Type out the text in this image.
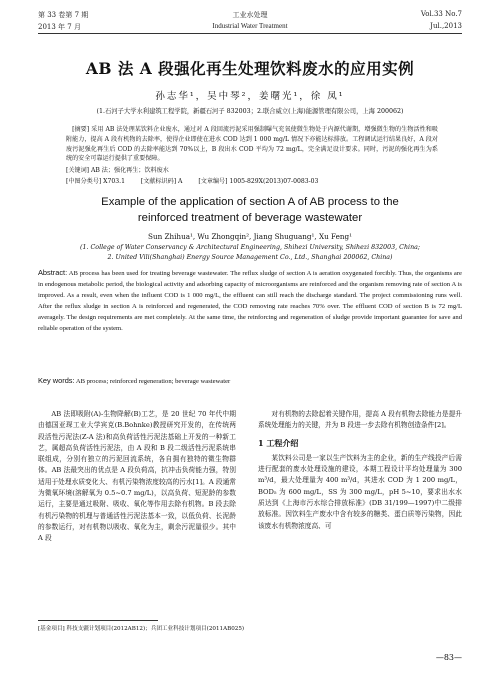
第 33 卷第 7 期	工业水处理	Vol.33 No.7
2013 年 7 月	Industrial Water Treatment	Jul.,2013
AB 法 A 段强化再生处理饮料废水的应用实例
孙志华¹，吴中琴²，姜曙光¹，徐 凤¹
(1.石河子大学水利建筑工程学院，新疆石河子 832003；2.联合威立(上海)能源管理有限公司，上海 200062)
[摘要] 采用 AB 法处理某饮料企业废水，通过对 A 段回流污泥采用强制曝气充氧使微生物处于内源代谢期，增强微生物的生物活性和吸附能力，提高 A 段有机物的去除率，使得企业即使在进水 COD 达到 1 000 mg/L 情况下亦能达标排放。工程调试运行结果良好，A 段对废污泥强化再生后 COD 的去除率能达到 70%以上，B 段出水 COD 平均为 72 mg/L，完全满足设计要求。同时，污泥的强化再生为系统的安全可靠运行提供了重要保障。
[关键词] AB 法；强化再生；饮料废水
[中图分类号] X703.1	[文献标识码] A	[文章编号] 1005-829X(2013)07-0083-03
Example of the application of section A of AB process to the
reinforced treatment of beverage wastewater
Sun Zhihua¹, Wu Zhongqin², Jiang Shuguang¹, Xu Feng¹
(1. College of Water Conservancy & Architectural Engineering, Shihezi University, Shihezi 832003, China;
2. United Vili(Shanghai) Energy Source Management Co., Ltd., Shanghai 200062, China)
Abstract: AB process has been used for treating beverage wastewater. The reflux sludge of section A is aeration oxygenated forcibly. Thus, the organisms are in endogenous metabolic period, the biological activity and adsorbing capacity of microorganisms are reinforced and the organism removing rate of section A is improved. As a result, even when the influent COD is 1 000 mg/L, the effluent can still reach the discharge standard. The project commissioning runs well. After the reflux sludge in section A is reinforced and regenerated, the COD removing rate reaches 70% over. The effluent COD of section B is 72 mg/L averagely. The design requirements are met completely. At the same time, the reinforcing and regeneration of sludge provide important guarantee for save and reliable operation of the system.
Key words: AB process; reinforced regeneration; beverage wastewater
AB 法即吸附(A)-生物降解(B)工艺，是 20 世纪 70 年代中期由德国亚琛工业大学宾克(B.Bohnke)教授研究开发的，在传统两段活性污泥法(Z-A 法)和高负荷活性污泥法基础上开发的一种新工艺，属超高负荷活性污泥法，由 A 段和 B 段二级活性污泥系统串联组成，分别有独立的污泥回流系统，各自拥有独特的微生物群体。AB 法最突出的优点是 A 段负荷高，抗冲击负荷能力强，特别适用于处理水质变化大、有机污染物浓度较高的污水[1]。A 段通常为微氧环境(溶解氧为 0.5~0.7 mg/L)，以高负荷、短泥龄的参数运行，主要是通过吸附、吸收、氧化等作用去除有机物。B 段去除有机污染物的机理与普通活性污泥法基本一致，以低负荷、长泥龄的参数运行，对有机物以吸收、氧化为主，剩余污泥量很少。其中 A 段
对有机物的去除起着关键作用，提高 A 段有机物去除能力是提升系统处理能力的关键，并为 B 段进一步去除有机物创造条件[2]。
1 工程介绍
某饮料公司是一家以生产饮料为主的企业，新的生产线投产后需进行配套的废水处理设施的建设，本期工程设计平均处理量为 300 m³/d，最大处理量为 400 m³/d，其进水 COD 为 1 200 mg/L，BOD₅ 为 600 mg/L，SS 为 300 mg/L，pH 5~10，要求出水水质达到《上海市污水综合排放标准》(DB 31/199—1997)中二级排放标准。因饮料生产废水中含有较多的糖类、蛋白质等污染物，因此该废水有机物浓度高、可
[基金项目] 科技支疆计划项目(2012AB12)；兵团工业科技计划项目(2011AB025)
—83—
